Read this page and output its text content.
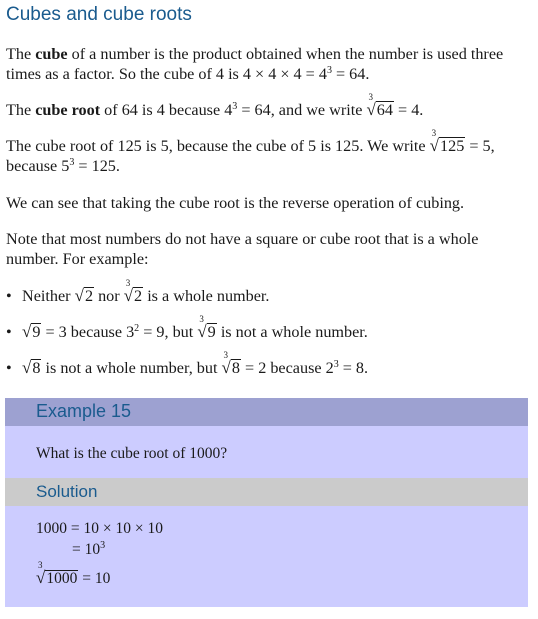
Cubes and cube roots

The cube of a number is the product obtained when the number is used three times as a factor. So the cube of 4 is $4 \times 4 \times 4 = 4^3 = 64$.

The cube root of 64 is 4 because $4^3 = 64$, and we write
3
√64 = 4.

The cube root of 125 is 5, because the cube of 5 is 125. We write
3
√125 = 5, because $5^3 = 125$.

We can see that taking the cube root is the reverse operation of cubing.

Note that most numbers do not have a square or cube root that is a whole number. For example:

• Neither √2 nor
3
√2 is a whole number.
• √9 = 3 because $3^2 = 9$, but
3
√9 is not a whole number.
• √8 is not a whole number, but
3
√8 = 2 because $2^3 = 8$.
Example 15
What is the cube root of 1000?
Solution
1000 = 10 × 10 × 10
= $10^3$
3
√1000 = 10
